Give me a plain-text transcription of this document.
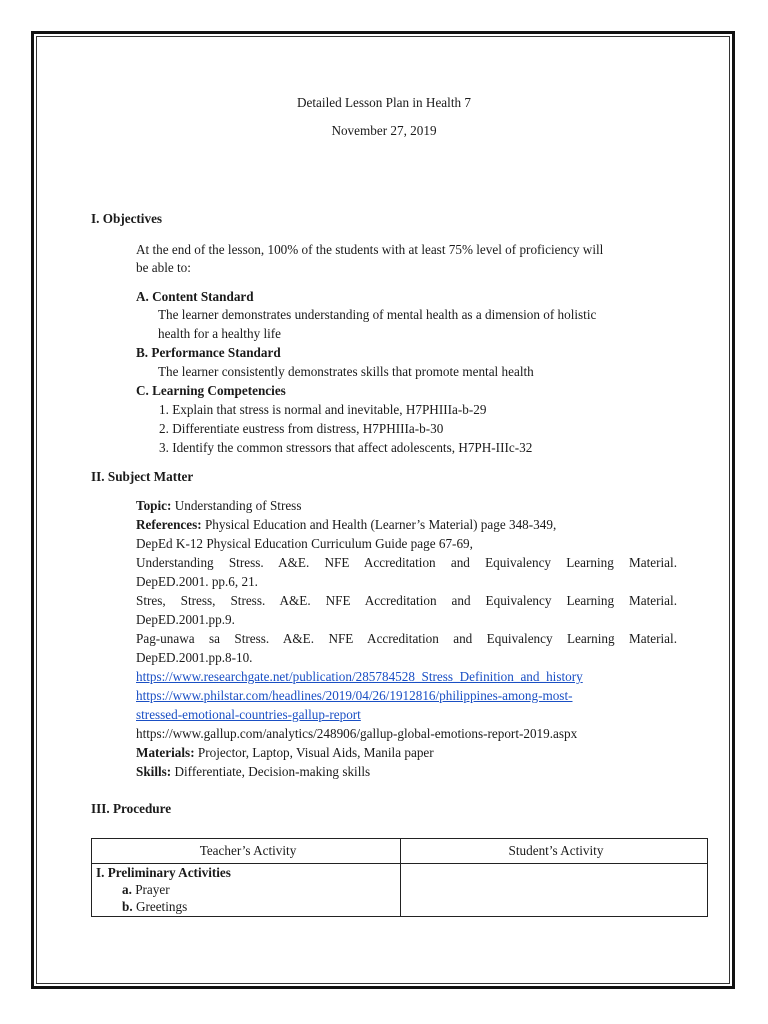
Detailed Lesson Plan in Health 7
November 27, 2019
I. Objectives
At the end of the lesson, 100% of the students with at least 75% level of proficiency will
be able to:
A. Content Standard
The learner demonstrates understanding of mental health as a dimension of holistic
health for a healthy life
B. Performance Standard
The learner consistently demonstrates skills that promote mental health
C. Learning Competencies
1. Explain that stress is normal and inevitable, H7PHIIIa-b-29
2. Differentiate eustress from distress, H7PHIIIa-b-30
3. Identify the common stressors that affect adolescents, H7PH-IIIc-32
II. Subject Matter
Topic: Understanding of Stress
References: Physical Education and Health (Learner’s Material) page 348-349,
DepEd K-12 Physical Education Curriculum Guide page 67-69,
Understanding Stress. A&E. NFE Accreditation and Equivalency Learning Material.
DepED.2001. pp.6, 21.
Stres, Stress, Stress. A&E. NFE Accreditation and Equivalency Learning Material.
DepED.2001.pp.9.
Pag-unawa sa Stress. A&E. NFE Accreditation and Equivalency Learning Material.
DepED.2001.pp.8-10.
https://www.researchgate.net/publication/285784528_Stress_Definition_and_history
https://www.philstar.com/headlines/2019/04/26/1912816/philippines-among-most-
stressed-emotional-countries-gallup-report
https://www.gallup.com/analytics/248906/gallup-global-emotions-report-2019.aspx
Materials: Projector, Laptop, Visual Aids, Manila paper
Skills: Differentiate, Decision-making skills
III. Procedure
Teacher’s Activity	Student’s Activity

I. Preliminary Activities
a. Prayer
b. Greetings	
